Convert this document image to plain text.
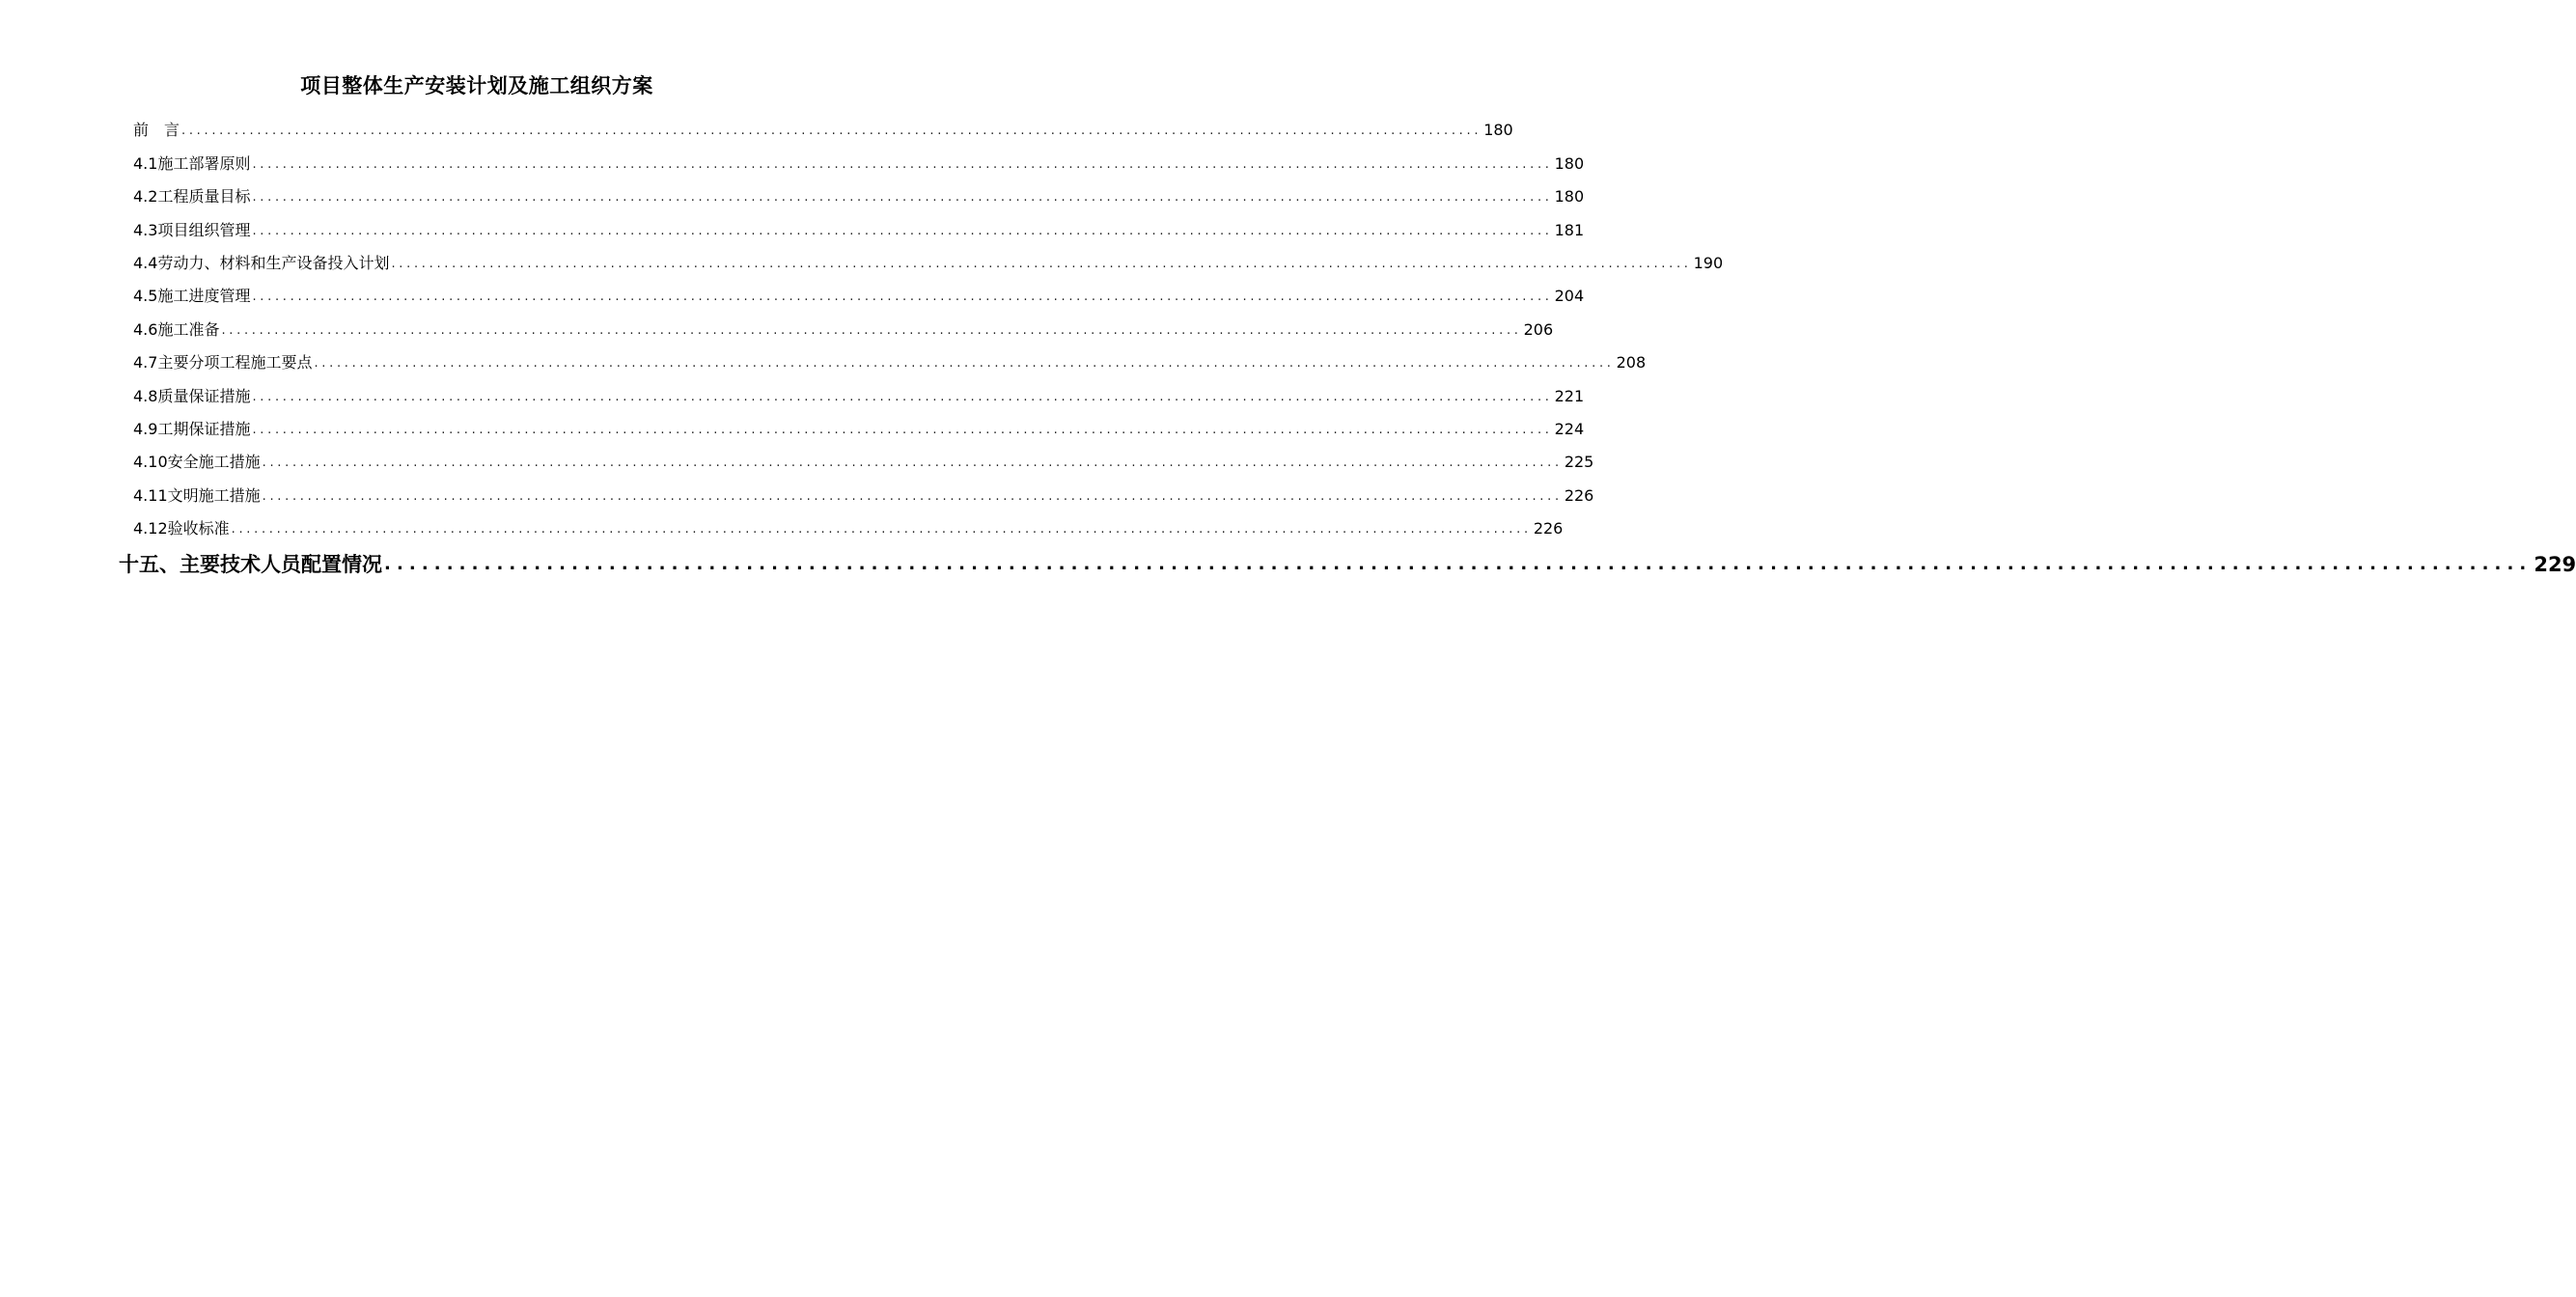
项目整体生产安装计划及施工组织方案
前　言 ............................................................................................................................................................................ 180
4.1施工部署原则 ............................................................................................................................................................................ 180
4.2工程质量目标 ............................................................................................................................................................................ 180
4.3项目组织管理 ............................................................................................................................................................................ 181
4.4劳动力、材料和生产设备投入计划 ............................................................................................................................................................................ 190
4.5施工进度管理 ............................................................................................................................................................................ 204
4.6施工准备 ............................................................................................................................................................................ 206
4.7主要分项工程施工要点 ............................................................................................................................................................................ 208
4.8质量保证措施 ............................................................................................................................................................................ 221
4.9工期保证措施 ............................................................................................................................................................................ 224
4.10安全施工措施 ............................................................................................................................................................................ 225
4.11文明施工措施 ............................................................................................................................................................................ 226
4.12验收标准 ............................................................................................................................................................................ 226
十五、主要技术人员配置情况 ............................................................................................................................................................................ 229
